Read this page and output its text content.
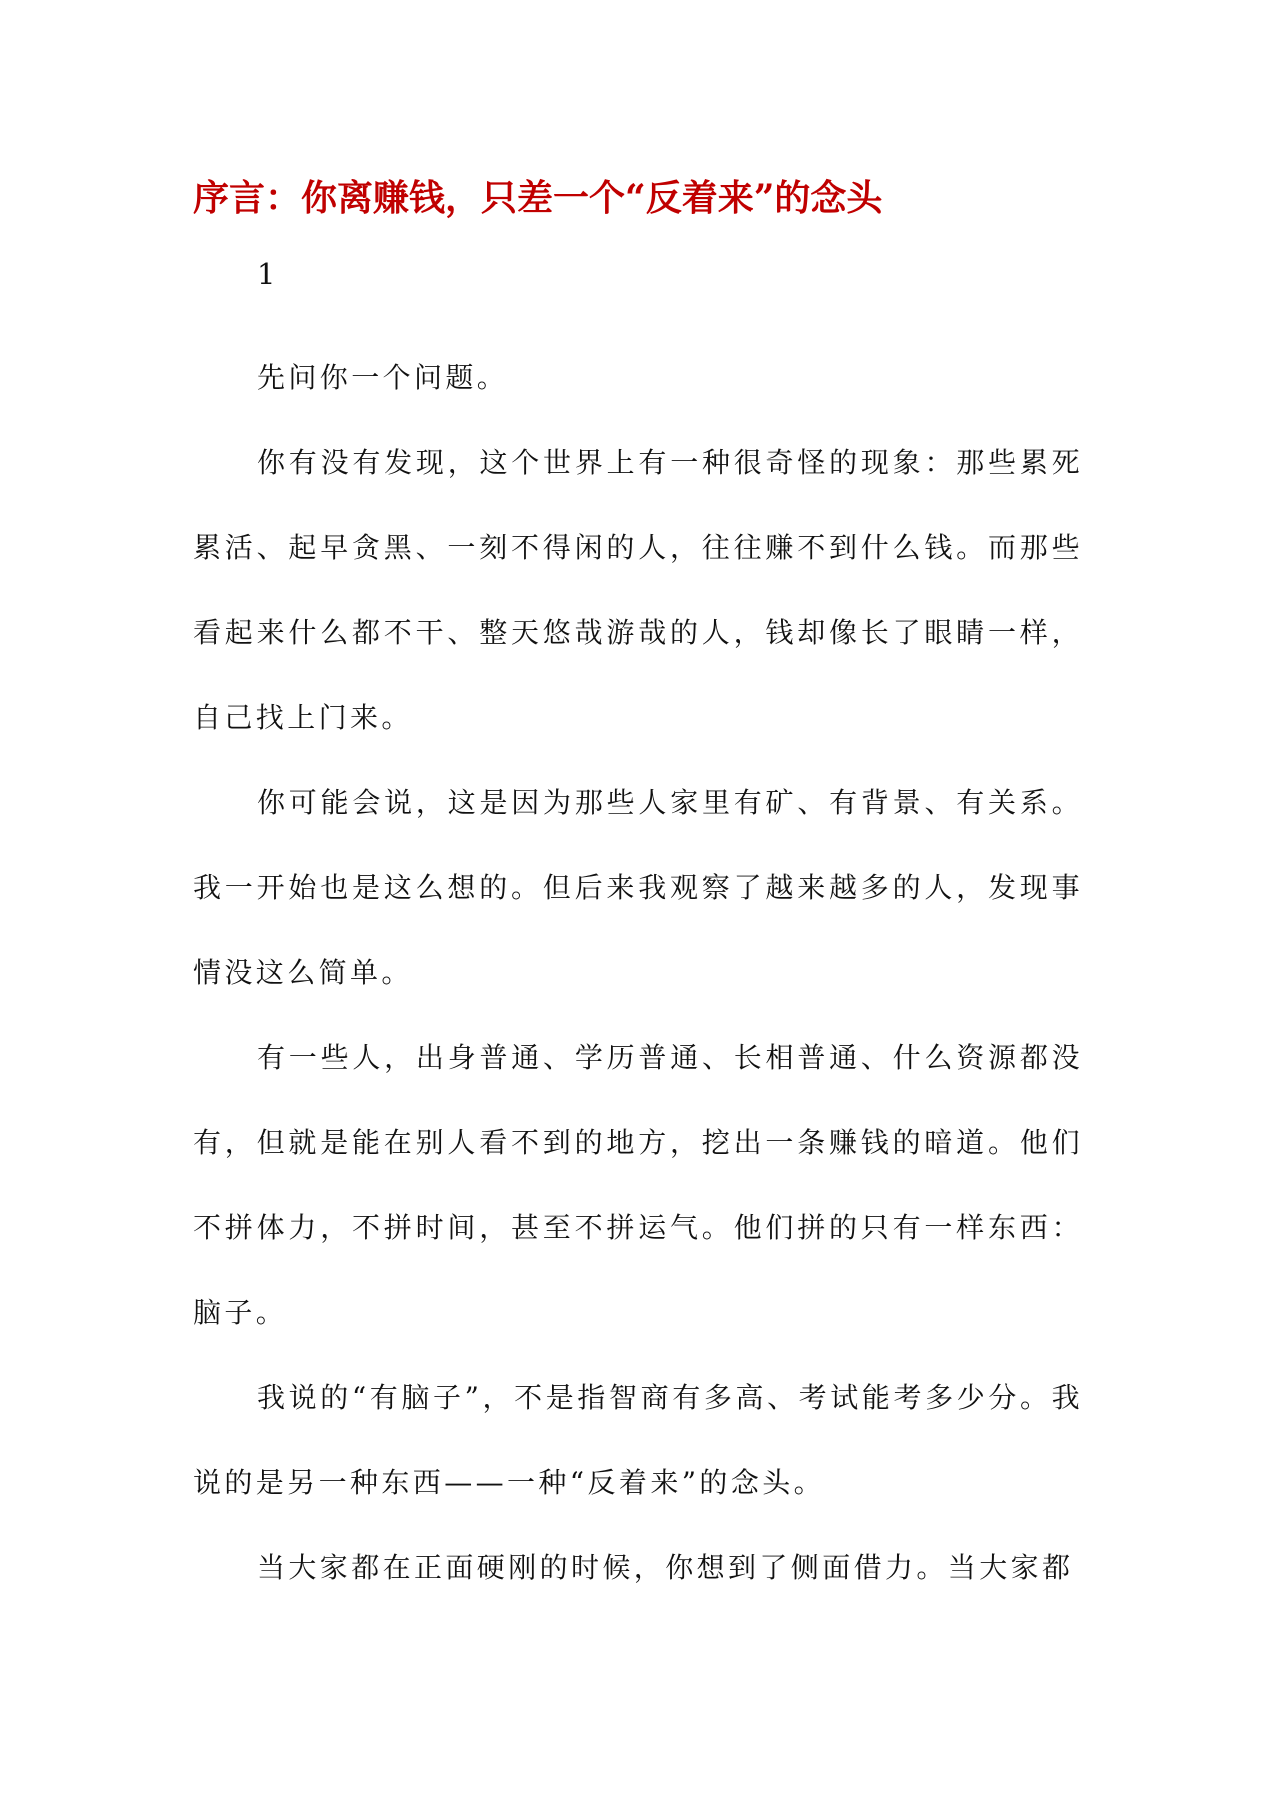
序言：你离赚钱，只差一个“反着来”的念头
1

先问你一个问题。

你有没有发现，这个世界上有一种很奇怪的现象：那些累死累活、起早贪黑、一刻不得闲的人，往往赚不到什么钱。而那些看起来什么都不干、整天悠哉游哉的人，钱却像长了眼睛一样，自己找上门来。

你可能会说，这是因为那些人家里有矿、有背景、有关系。我一开始也是这么想的。但后来我观察了越来越多的人，发现事情没这么简单。

有一些人，出身普通、学历普通、长相普通、什么资源都没有，但就是能在别人看不到的地方，挖出一条赚钱的暗道。他们不拼体力，不拼时间，甚至不拼运气。他们拼的只有一样东西：脑子。

我说的“有脑子”，不是指智商有多高、考试能考多少分。我说的是另一种东西——一种“反着来”的念头。

当大家都在正面硬刚的时候，你想到了侧面借力。当大家都
